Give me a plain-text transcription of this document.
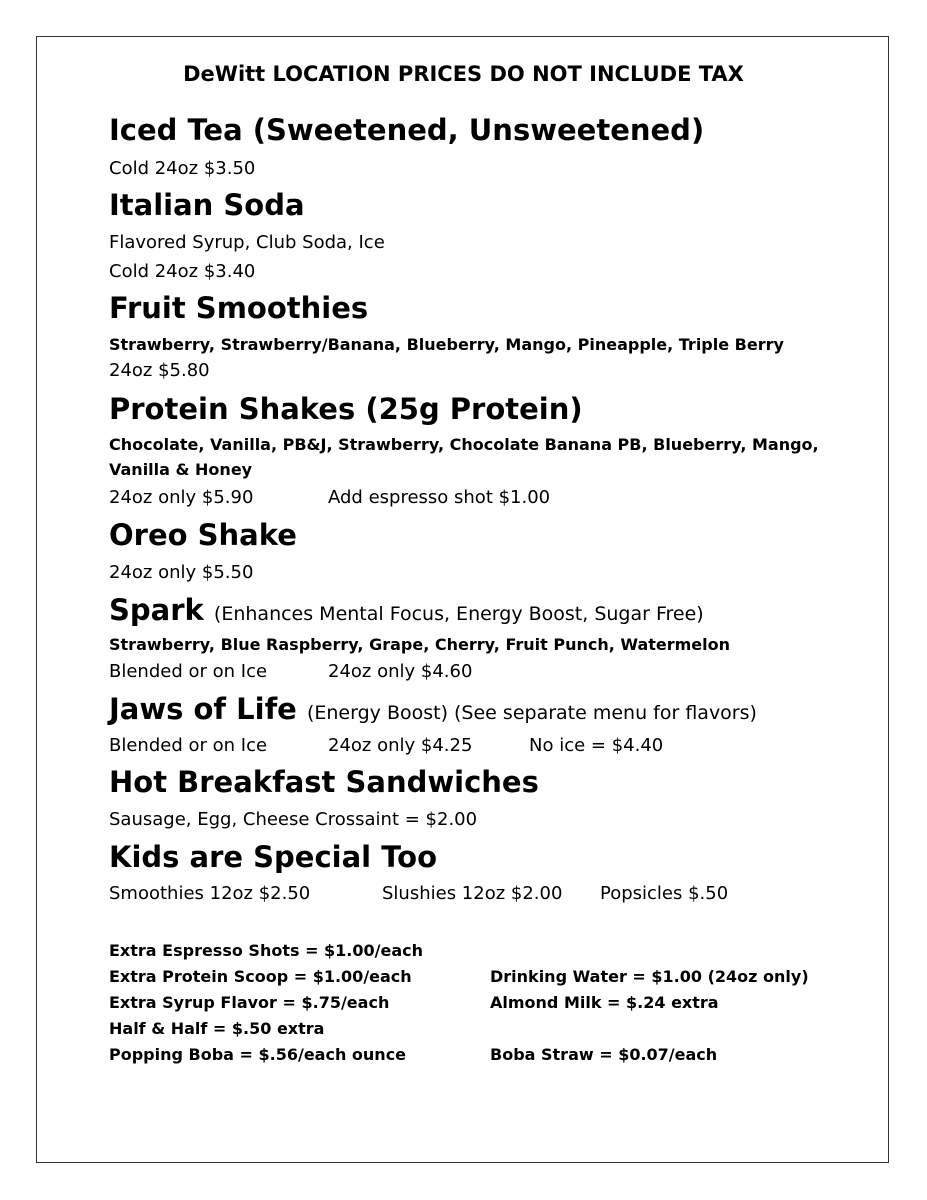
DeWitt LOCATION PRICES DO NOT INCLUDE TAX
Iced Tea (Sweetened, Unsweetened)
Cold 24oz $3.50
Italian Soda
Flavored Syrup, Club Soda, Ice
Cold 24oz $3.40
Fruit Smoothies
Strawberry, Strawberry/Banana, Blueberry, Mango, Pineapple, Triple Berry
24oz $5.80
Protein Shakes (25g Protein)
Chocolate, Vanilla, PB&J, Strawberry, Chocolate Banana PB, Blueberry, Mango,
Vanilla & Honey
24oz only $5.90	Add espresso shot $1.00
Oreo Shake
24oz only $5.50
Spark (Enhances Mental Focus, Energy Boost, Sugar Free)
Strawberry, Blue Raspberry, Grape, Cherry, Fruit Punch, Watermelon
Blended or on Ice	24oz only $4.60
Jaws of Life (Energy Boost) (See separate menu for flavors)
Blended or on Ice	24oz only $4.25	No ice = $4.40
Hot Breakfast Sandwiches
Sausage, Egg, Cheese Crossaint = $2.00
Kids are Special Too
Smoothies 12oz $2.50	Slushies 12oz $2.00 Popsicles $.50
Extra Espresso Shots = $1.00/each
Extra Protein Scoop = $1.00/each	Drinking Water = $1.00 (24oz only)
Extra Syrup Flavor = $.75/each	Almond Milk = $.24 extra
Half & Half = $.50 extra
Popping Boba = $.56/each ounce	Boba Straw = $0.07/each
